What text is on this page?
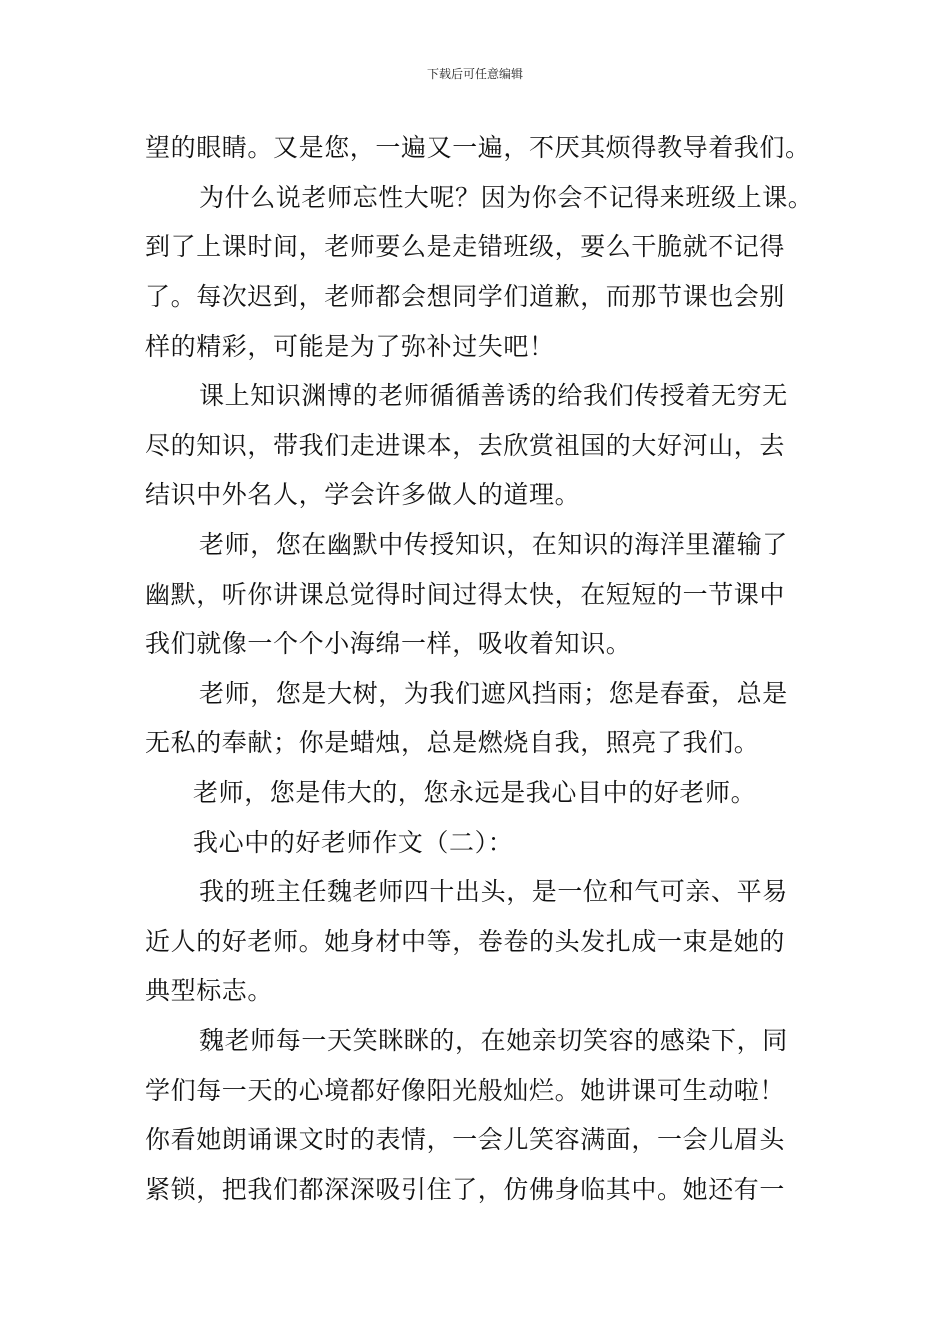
下载后可任意编辑
望的眼睛。又是您，一遍又一遍，不厌其烦得教导着我们。
为什么说老师忘性大呢？因为你会不记得来班级上课。
到了上课时间，老师要么是走错班级，要么干脆就不记得
了。每次迟到，老师都会想同学们道歉，而那节课也会别
样的精彩，可能是为了弥补过失吧！
课上知识渊博的老师循循善诱的给我们传授着无穷无
尽的知识，带我们走进课本，去欣赏祖国的大好河山，去
结识中外名人，学会许多做人的道理。
老师，您在幽默中传授知识，在知识的海洋里灌输了
幽默，听你讲课总觉得时间过得太快，在短短的一节课中
我们就像一个个小海绵一样，吸收着知识。
老师，您是大树，为我们遮风挡雨；您是春蚕，总是
无私的奉献；你是蜡烛，总是燃烧自我，照亮了我们。
老师，您是伟大的，您永远是我心目中的好老师。
我心中的好老师作文（二）：
我的班主任魏老师四十出头，是一位和气可亲、平易
近人的好老师。她身材中等，卷卷的头发扎成一束是她的
典型标志。
魏老师每一天笑眯眯的，在她亲切笑容的感染下，同
学们每一天的心境都好像阳光般灿烂。她讲课可生动啦！
你看她朗诵课文时的表情，一会儿笑容满面，一会儿眉头
紧锁，把我们都深深吸引住了，仿佛身临其中。她还有一
